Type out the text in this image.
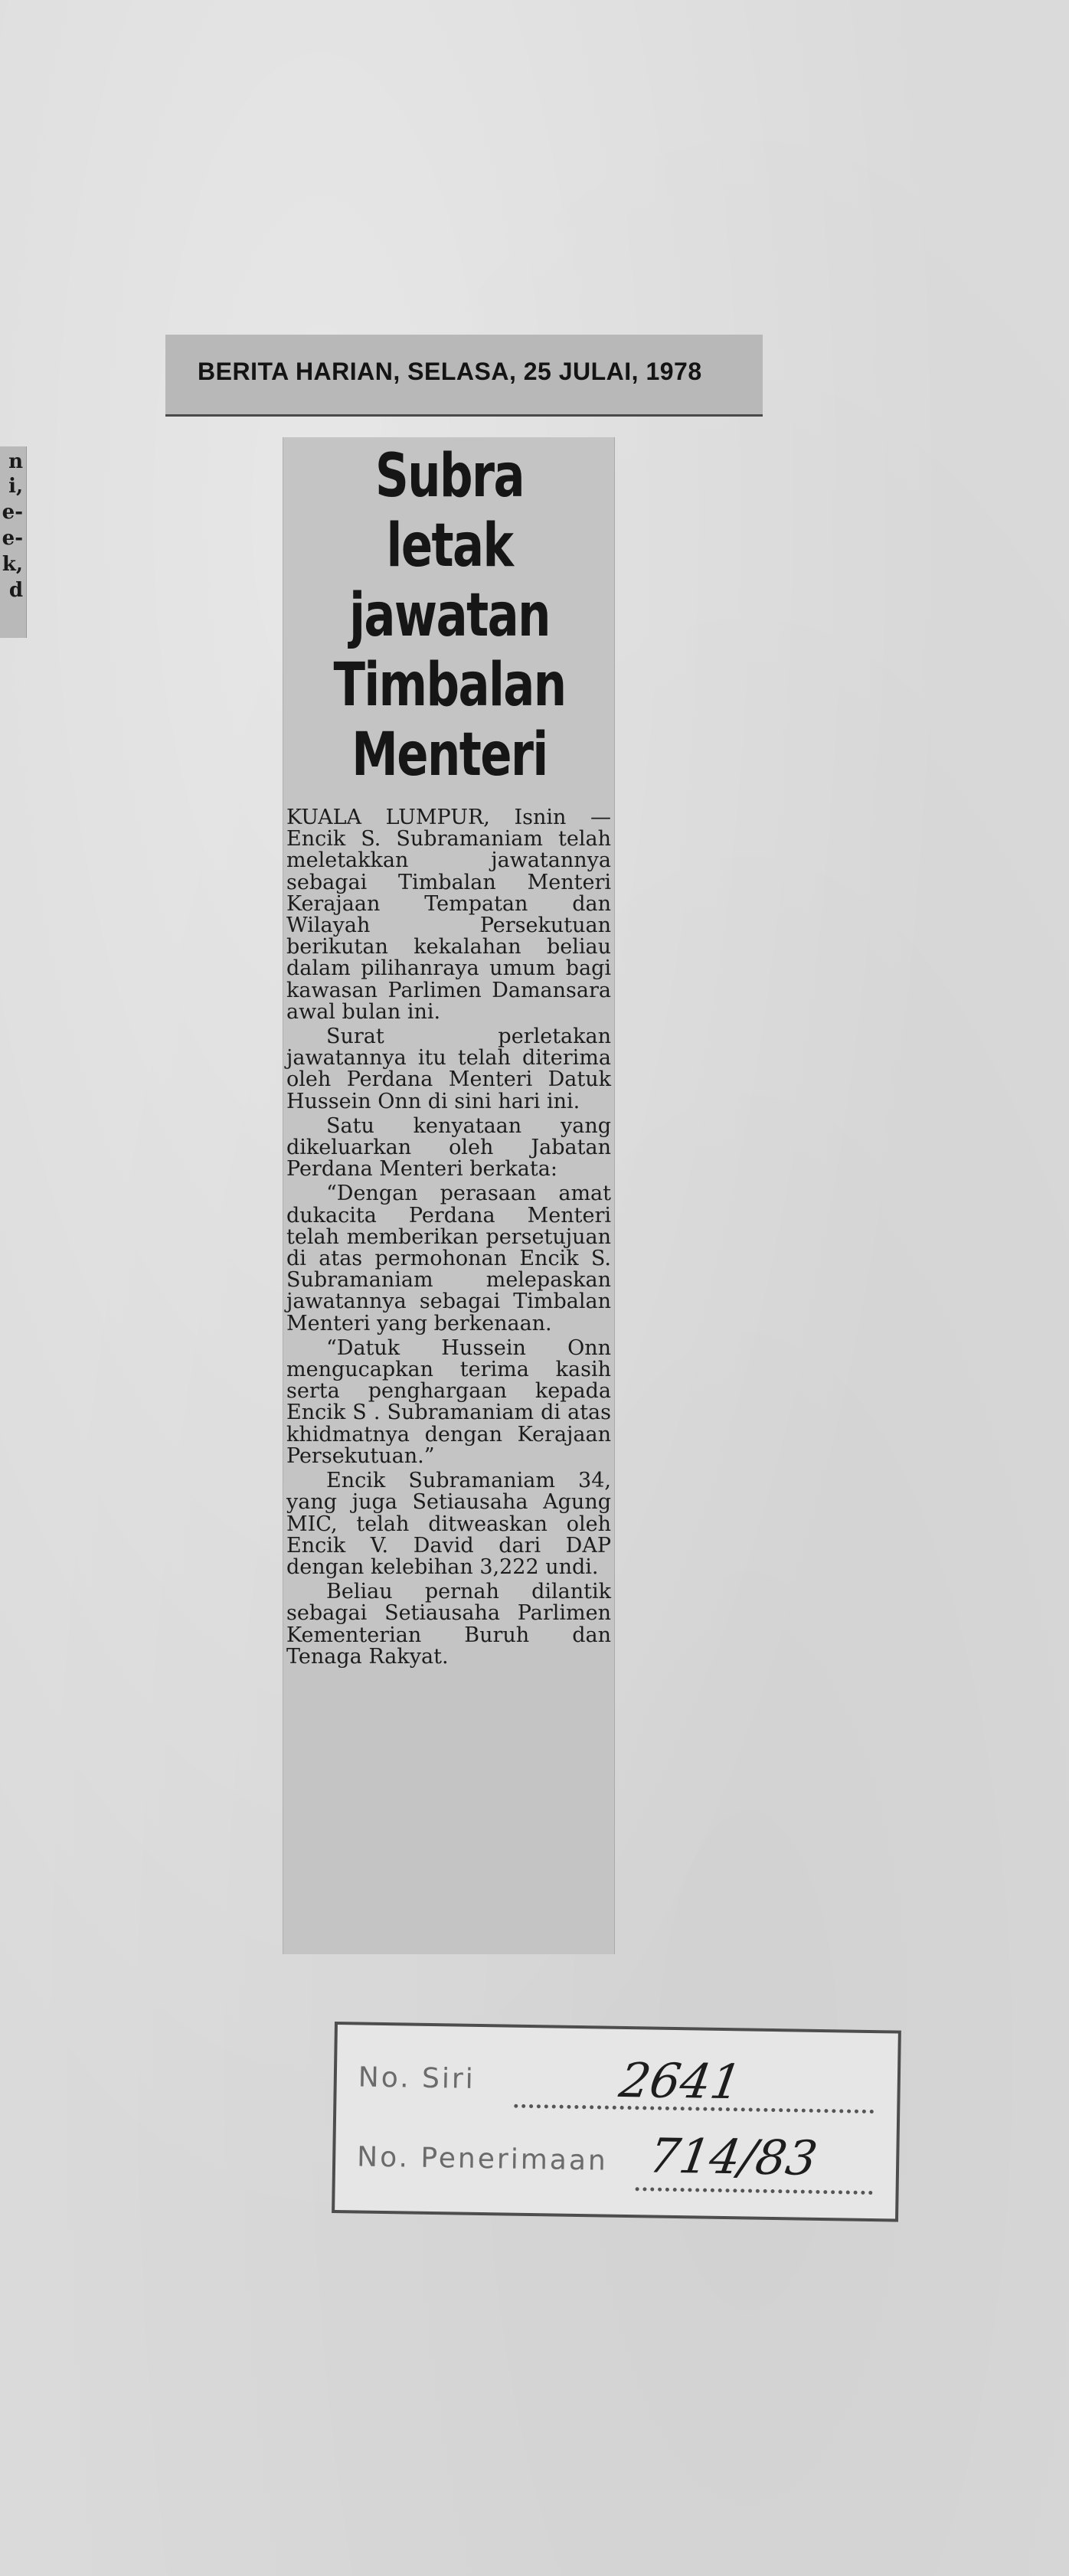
n
i,
e-
e-
k,
d
BERITA HARIAN, SELASA, 25 JULAI, 1978
Subra
letak
jawatan
Timbalan
Menteri

KUALA LUMPUR, Isnin — Encik S. Subramaniam telah meletakkan jawatannya sebagai Timbalan Menteri Kerajaan Tempatan dan Wilayah Persekutuan berikutan kekalahan beliau dalam pilihanraya umum bagi kawasan Parlimen Damansara awal bulan ini.

Surat perletakan jawatannya itu telah diterima oleh Perdana Menteri Datuk Hussein Onn di sini hari ini.

Satu kenyataan yang dikeluarkan oleh Jabatan Perdana Menteri berkata:

“Dengan perasaan amat dukacita Perdana Menteri telah memberikan persetujuan di atas permohonan Encik S. Subramaniam melepaskan jawatannya sebagai Timbalan Menteri yang berkenaan.

“Datuk Hussein Onn mengucapkan terima kasih serta penghargaan kepada Encik S . Subramaniam di atas khidmatnya dengan Kerajaan Persekutuan.”

Encik Subramaniam 34, yang juga Setiausaha Agung MIC, telah ditweaskan oleh Encik V. David dari DAP dengan kelebihan 3,222 undi.

Beliau pernah dilantik sebagai Setiausaha Parlimen Kementerian Buruh dan Tenaga Rakyat.

No. Siri	2641
No. Penerimaan 714/83
